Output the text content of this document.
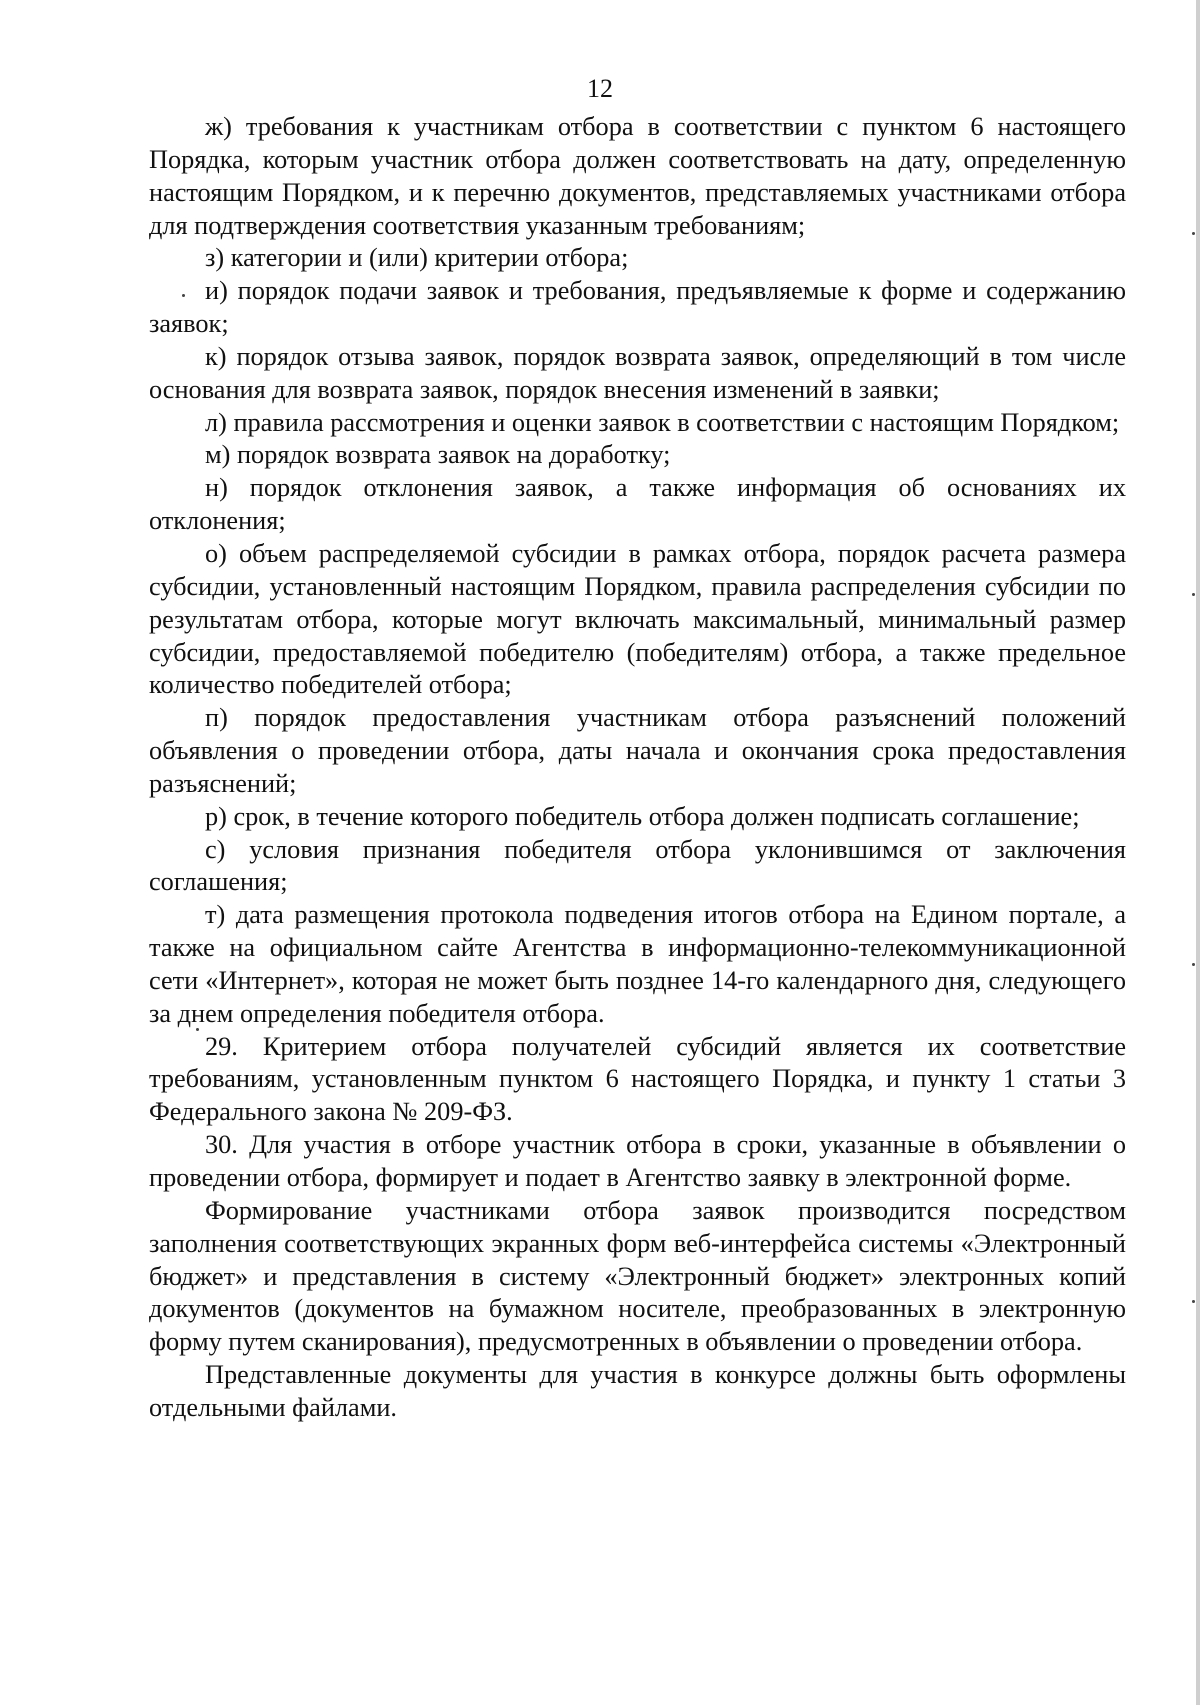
12

ж) требования к участникам отбора в соответствии с пунктом 6 настоящего Порядка, которым участник отбора должен соответствовать на дату, определенную настоящим Порядком, и к перечню документов, представляемых участниками отбора для подтверждения соответствия указанным требованиям;

з) категории и (или) критерии отбора;

и) порядок подачи заявок и требования, предъявляемые к форме и содержанию заявок;

к) порядок отзыва заявок, порядок возврата заявок, определяющий в том числе основания для возврата заявок, порядок внесения изменений в заявки;

л) правила рассмотрения и оценки заявок в соответствии с настоящим Порядком;

м) порядок возврата заявок на доработку;

н) порядок отклонения заявок, а также информация об основаниях их отклонения;

о) объем распределяемой субсидии в рамках отбора, порядок расчета размера субсидии, установленный настоящим Порядком, правила распределения субсидии по результатам отбора, которые могут включать максимальный, минимальный размер субсидии, предоставляемой победителю (победителям) отбора, а также предельное количество победителей отбора;

п) порядок предоставления участникам отбора разъяснений положений объявления о проведении отбора, даты начала и окончания срока предоставления разъяснений;

р) срок, в течение которого победитель отбора должен подписать соглашение;

с) условия признания победителя отбора уклонившимся от заключения соглашения;

т) дата размещения протокола подведения итогов отбора на Едином портале, а также на официальном сайте Агентства в информационно-телекоммуникационной сети «Интернет», которая не может быть позднее 14-го календарного дня, следующего за днем определения победителя отбора.

29. Критерием отбора получателей субсидий является их соответствие требованиям, установленным пунктом 6 настоящего Порядка, и пункту 1 статьи 3 Федерального закона № 209-ФЗ.

30. Для участия в отборе участник отбора в сроки, указанные в объявлении о проведении отбора, формирует и подает в Агентство заявку в электронной форме.

Формирование участниками отбора заявок производится посредством заполнения соответствующих экранных форм веб-интерфейса системы «Электронный бюджет» и представления в систему «Электронный бюджет» электронных копий документов (документов на бумажном носителе, преобразованных в электронную форму путем сканирования), предусмотренных в объявлении о проведении отбора.

Представленные документы для участия в конкурсе должны быть оформлены отдельными файлами.
